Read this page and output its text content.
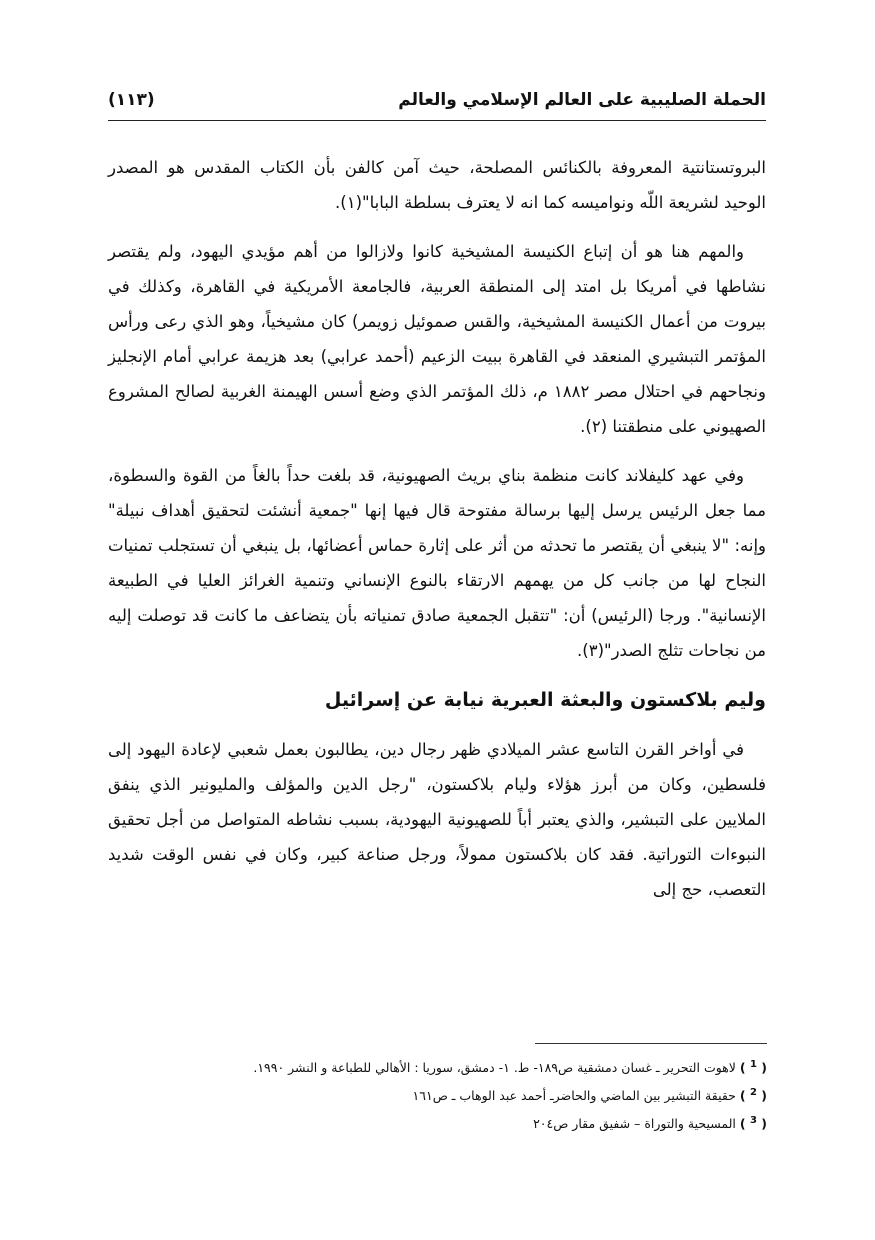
الحملة الصليبية على العالم الإسلامي والعالم
(١١٣)

البروتستانتية المعروفة بالكنائس المصلحة، حيث آمن كالفن بأن الكتاب المقدس هو المصدر الوحيد لشريعة اللّه ونواميسه كما انه لا يعترف بسلطة البابا"(١).

والمهم هنا هو أن إتباع الكنيسة المشيخية كانوا ولازالوا من أهم مؤيدي اليهود، ولم يقتصر نشاطها في أمريكا بل امتد إلى المنطقة العربية، فالجامعة الأمريكية في القاهرة، وكذلك في بيروت من أعمال الكنيسة المشيخية، والقس صموئيل زويمر) كان مشيخياً، وهو الذي رعى ورأس المؤتمر التبشيري المنعقد في القاهرة ببيت الزعيم (أحمد عرابي) بعد هزيمة عرابي أمام الإنجليز ونجاحهم في احتلال مصر ١٨٨٢ م، ذلك المؤتمر الذي وضع أسس الهيمنة الغربية لصالح المشروع الصهيوني على منطقتنا (٢).

وفي عهد كليفلاند كانت منظمة بناي بريث الصهيونية، قد بلغت حداً بالغاً من القوة والسطوة، مما جعل الرئيس يرسل إليها برسالة مفتوحة قال فيها إنها "جمعية أنشئت لتحقيق أهداف نبيلة" وإنه: "لا ينبغي أن يقتصر ما تحدثه من أثر على إثارة حماس أعضائها، بل ينبغي أن تستجلب تمنيات النجاح لها من جانب كل من يهمهم الارتقاء بالنوع الإنساني وتنمية الغرائز العليا في الطبيعة الإنسانية". ورجا (الرئيس) أن: "تتقبل الجمعية صادق تمنياته بأن يتضاعف ما كانت قد توصلت إليه من نجاحات تثلج الصدر"(٣).

وليم بلاكستون والبعثة العبرية نيابة عن إسرائيل

في أواخر القرن التاسع عشر الميلادي ظهر رجال دين، يطالبون بعمل شعبي لإعادة اليهود إلى فلسطين، وكان من أبرز هؤلاء وليام بلاكستون، "رجل الدين والمؤلف والمليونير الذي ينفق الملايين على التبشير، والذي يعتبر أباً للصهيونية اليهودية، بسبب نشاطه المتواصل من أجل تحقيق النبوءات التوراتية. فقد كان بلاكستون ممولاً، ورجل صناعة كبير، وكان في نفس الوقت شديد التعصب، حج إلى

( $^1$ ) لاهوت التحرير ـ غسان دمشقية ص١٨٩- ط. ١- دمشق، سوريا : الأهالي للطباعة و النشر ١٩٩٠.
( $^2$ ) حقيقة التبشير بين الماضي والحاضرـ أحمد عبد الوهاب ـ ص١٦١
( $^3$ ) المسيحية والتوراة – شفيق مقار ص٢٠٤
